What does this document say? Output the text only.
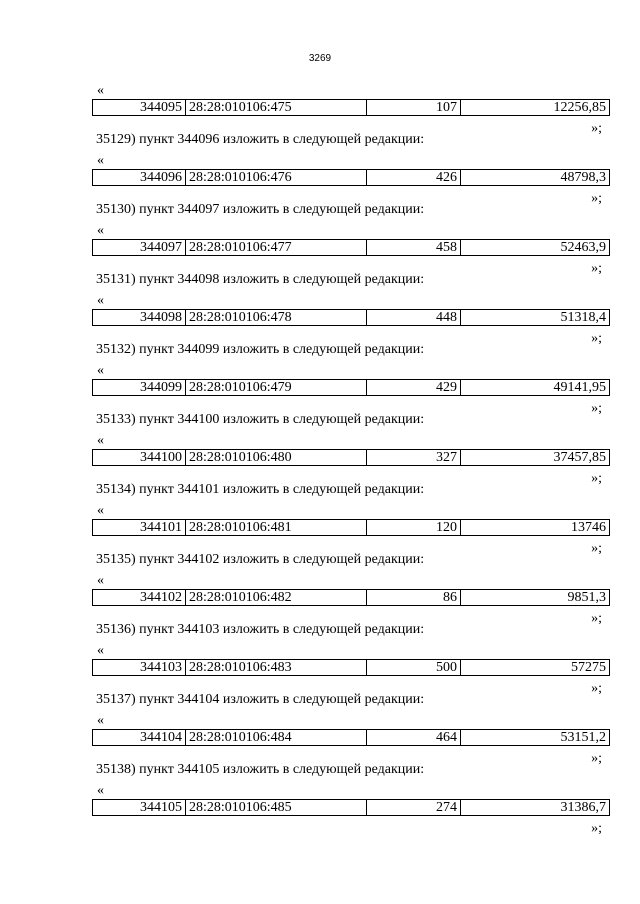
3269
«
344095 28:28:010106:475	107	12256,85
»;
35129) пункт 344096 изложить в следующей редакции:
«
344096 28:28:010106:476	426	48798,3
»;
35130) пункт 344097 изложить в следующей редакции:
«
344097 28:28:010106:477	458	52463,9
»;
35131) пункт 344098 изложить в следующей редакции:
«
344098 28:28:010106:478	448	51318,4
»;
35132) пункт 344099 изложить в следующей редакции:
«
344099 28:28:010106:479	429	49141,95
»;
35133) пункт 344100 изложить в следующей редакции:
«
344100 28:28:010106:480	327	37457,85
»;
35134) пункт 344101 изложить в следующей редакции:
«
344101 28:28:010106:481	120	13746
»;
35135) пункт 344102 изложить в следующей редакции:
«
344102 28:28:010106:482	86	9851,3
»;
35136) пункт 344103 изложить в следующей редакции:
«
344103 28:28:010106:483	500	57275
»;
35137) пункт 344104 изложить в следующей редакции:
«
344104 28:28:010106:484	464	53151,2
»;
35138) пункт 344105 изложить в следующей редакции:
«
344105 28:28:010106:485	274	31386,7
»;
